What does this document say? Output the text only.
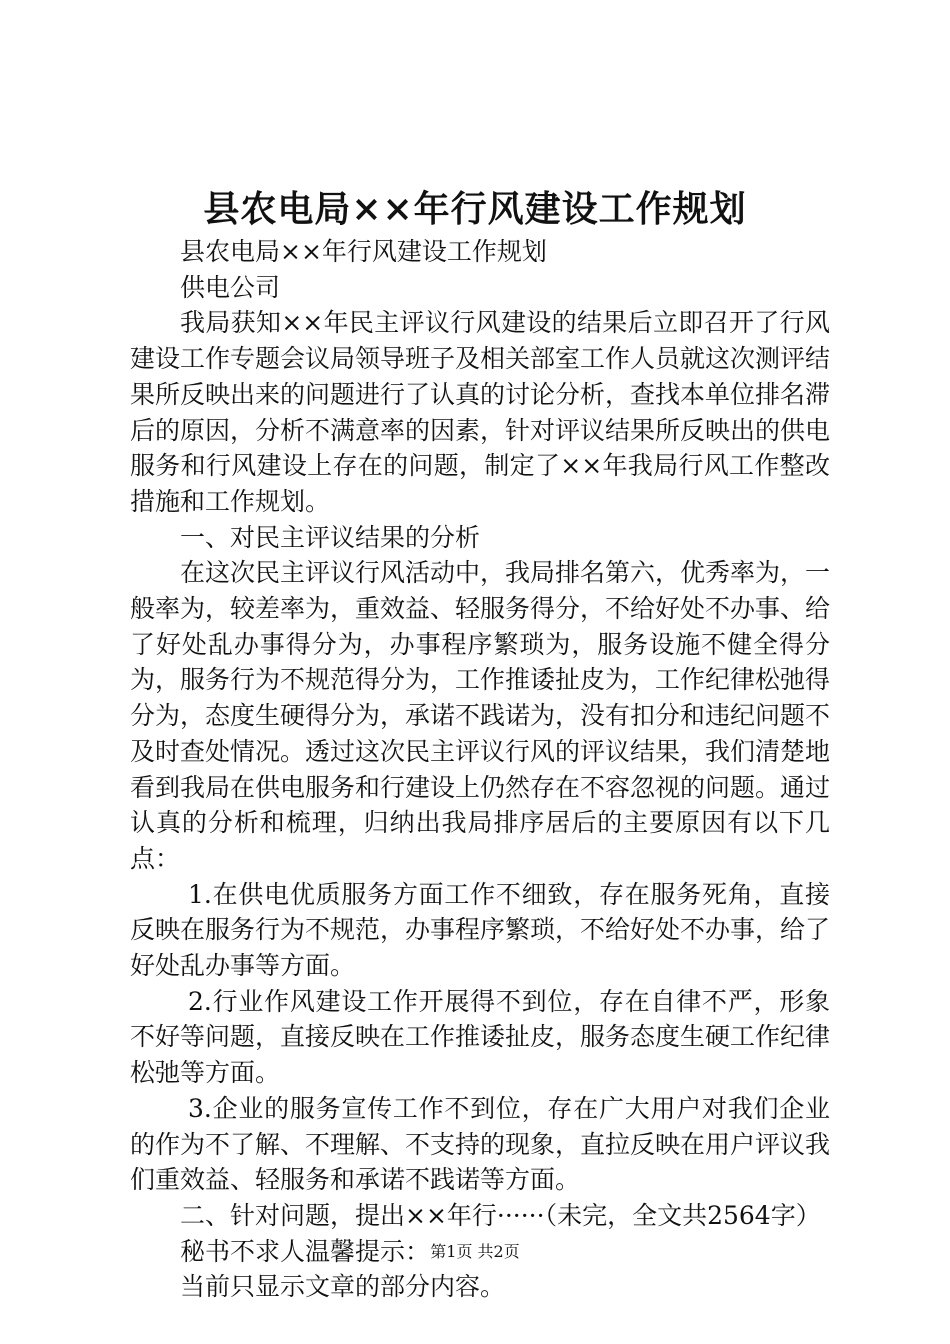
县农电局××年行风建设工作规划

县农电局××年行风建设工作规划

供电公司

我局获知××年民主评议行风建设的结果后立即召开了行风建设工作专题会议局领导班子及相关部室工作人员就这次测评结果所反映出来的问题进行了认真的讨论分析，查找本单位排名滞后的原因，分析不满意率的因素，针对评议结果所反映出的供电服务和行风建设上存在的问题，制定了××年我局行风工作整改措施和工作规划。

一、对民主评议结果的分析

在这次民主评议行风活动中，我局排名第六，优秀率为，一般率为，较差率为，重效益、轻服务得分，不给好处不办事、给了好处乱办事得分为，办事程序繁琐为，服务设施不健全得分为，服务行为不规范得分为，工作推诿扯皮为，工作纪律松弛得分为，态度生硬得分为，承诺不践诺为，没有扣分和违纪问题不及时查处情况。透过这次民主评议行风的评议结果，我们清楚地看到我局在供电服务和行建设上仍然存在不容忽视的问题。通过认真的分析和梳理，归纳出我局排序居后的主要原因有以下几点：

1.在供电优质服务方面工作不细致，存在服务死角，直接反映在服务行为不规范，办事程序繁琐，不给好处不办事，给了好处乱办事等方面。

2.行业作风建设工作开展得不到位，存在自律不严，形象不好等问题，直接反映在工作推诿扯皮，服务态度生硬工作纪律松弛等方面。

3.企业的服务宣传工作不到位，存在广大用户对我们企业的作为不了解、不理解、不支持的现象，直拉反映在用户评议我们重效益、轻服务和承诺不践诺等方面。

二、针对问题，提出××年行······（未完，全文共2564字）

秘书不求人温馨提示：

当前只显示文章的部分内容。

第1页 共2页
